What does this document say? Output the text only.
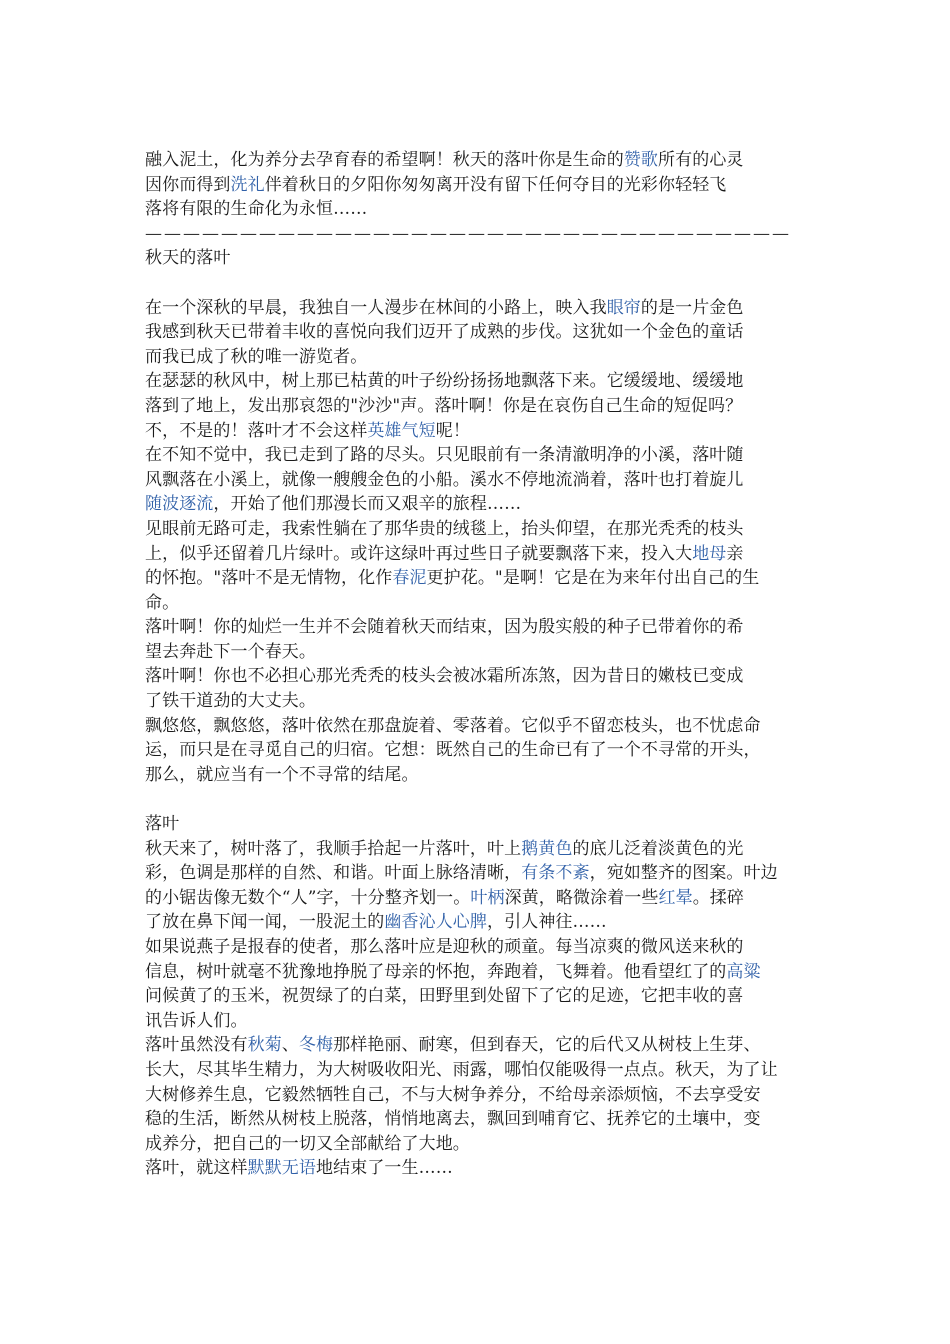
融入泥土，化为养分去孕育春的希望啊！秋天的落叶你是生命的赞歌所有的心灵
因你而得到洗礼伴着秋日的夕阳你匆匆离开没有留下任何夺目的光彩你轻轻飞
落将有限的生命化为永恒……
——————————————————————————————————
秋天的落叶
在一个深秋的早晨，我独自一人漫步在林间的小路上，映入我眼帘的是一片金色
我感到秋天已带着丰收的喜悦向我们迈开了成熟的步伐。这犹如一个金色的童话
而我已成了秋的唯一游览者。
在瑟瑟的秋风中，树上那已枯黄的叶子纷纷扬扬地飘落下来。它缓缓地、缓缓地
落到了地上，发出那哀怨的"沙沙"声。落叶啊！你是在哀伤自己生命的短促吗？
不，不是的！落叶才不会这样英雄气短呢！
在不知不觉中，我已走到了路的尽头。只见眼前有一条清澈明净的小溪，落叶随
风飘落在小溪上，就像一艘艘金色的小船。溪水不停地流淌着，落叶也打着旋儿
随波逐流，开始了他们那漫长而又艰辛的旅程……
见眼前无路可走，我索性躺在了那华贵的绒毯上，抬头仰望，在那光秃秃的枝头
上，似乎还留着几片绿叶。或许这绿叶再过些日子就要飘落下来，投入大地母亲
的怀抱。"落叶不是无情物，化作春泥更护花。"是啊！它是在为来年付出自己的生
命。
落叶啊！你的灿烂一生并不会随着秋天而结束，因为殷实般的种子已带着你的希
望去奔赴下一个春天。
落叶啊！你也不必担心那光秃秃的枝头会被冰霜所冻煞，因为昔日的嫩枝已变成
了铁干道劲的大丈夫。
飘悠悠，飘悠悠，落叶依然在那盘旋着、零落着。它似乎不留恋枝头，也不忧虑命
运，而只是在寻觅自己的归宿。它想：既然自己的生命已有了一个不寻常的开头，
那么，就应当有一个不寻常的结尾。
落叶
秋天来了，树叶落了，我顺手拾起一片落叶，叶上鹅黄色的底儿泛着淡黄色的光
彩，色调是那样的自然、和谐。叶面上脉络清晰，有条不紊，宛如整齐的图案。叶边
的小锯齿像无数个“人”字，十分整齐划一。叶柄深黄，略微涂着一些红晕。揉碎
了放在鼻下闻一闻，一股泥土的幽香沁人心脾，引人神往……
如果说燕子是报春的使者，那么落叶应是迎秋的顽童。每当凉爽的微风送来秋的
信息，树叶就毫不犹豫地挣脱了母亲的怀抱，奔跑着，飞舞着。他看望红了的高粱
问候黄了的玉米，祝贺绿了的白菜，田野里到处留下了它的足迹，它把丰收的喜
讯告诉人们。
落叶虽然没有秋菊、冬梅那样艳丽、耐寒，但到春天，它的后代又从树枝上生芽、
长大，尽其毕生精力，为大树吸收阳光、雨露，哪怕仅能吸得一点点。秋天，为了让
大树修养生息，它毅然牺牲自己，不与大树争养分，不给母亲添烦恼，不去享受安
稳的生活，断然从树枝上脱落，悄悄地离去，飘回到哺育它、抚养它的土壤中，变
成养分，把自己的一切又全部献给了大地。
落叶，就这样默默无语地结束了一生……
